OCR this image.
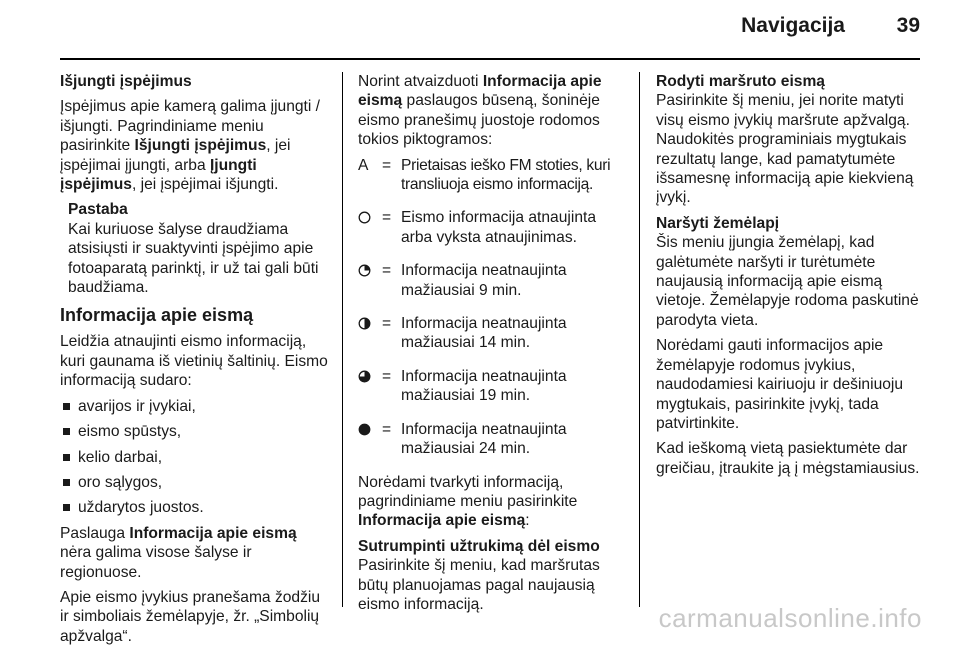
Navigacija 39

Išjungti įspėjimus

Įspėjimus apie kamerą galima įjungti / išjungti. Pagrindiniame meniu pasirinkite Išjungti įspėjimus, jei įspėjimai įjungti, arba Įjungti įspėjimus, jei įspėjimai išjungti.

Pastaba
Kai kuriuose šalyse draudžiama atsisiųsti ir suaktyvinti įspėjimo apie fotoaparatą parinktį, ir už tai gali būti baudžiama.

Informacija apie eismą

Leidžia atnaujinti eismo informaciją, kuri gaunama iš vietinių šaltinių. Eismo informaciją sudaro:

avarijos ir įvykiai,
eismo spūstys,
kelio darbai,
oro sąlygos,
uždarytos juostos.

Paslauga Informacija apie eismą nėra galima visose šalyse ir regionuose.

Apie eismo įvykius pranešama žodžiu ir simboliais žemėlapyje, žr. „Simbolių apžvalga“.

Norint atvaizduoti Informacija apie eismą paslaugos būseną, šoninėje eismo pranešimų juostoje rodomos tokios piktogramos:

A = Prietaisas ieško FM stoties, kuri transliuoja eismo informaciją.
= Eismo informacija atnaujinta arba vyksta atnaujinimas.
= Informacija neatnaujinta mažiausiai 9 min.
= Informacija neatnaujinta mažiausiai 14 min.
= Informacija neatnaujinta mažiausiai 19 min.
= Informacija neatnaujinta mažiausiai 24 min.

Norėdami tvarkyti informaciją, pagrindiniame meniu pasirinkite Informacija apie eismą:

Sutrumpinti užtrukimą dėl eismo

Pasirinkite šį meniu, kad maršrutas būtų planuojamas pagal naujausią eismo informaciją.

Rodyti maršruto eismą

Pasirinkite šį meniu, jei norite matyti visų eismo įvykių maršrute apžvalgą. Naudokitės programiniais mygtukais rezultatų lange, kad pamatytumėte išsamesnę informaciją apie kiekvieną įvykį.

Naršyti žemėlapį

Šis meniu įjungia žemėlapį, kad galėtumėte naršyti ir turėtumėte naujausią informaciją apie eismą vietoje. Žemėlapyje rodoma paskutinė parodyta vieta.

Norėdami gauti informacijos apie žemėlapyje rodomus įvykius, naudodamiesi kairiuoju ir dešiniuoju mygtukais, pasirinkite įvykį, tada patvirtinkite.

Kad ieškomą vietą pasiektumėte dar greičiau, įtraukite ją į mėgstamiausius.

carmanualsonline.info
